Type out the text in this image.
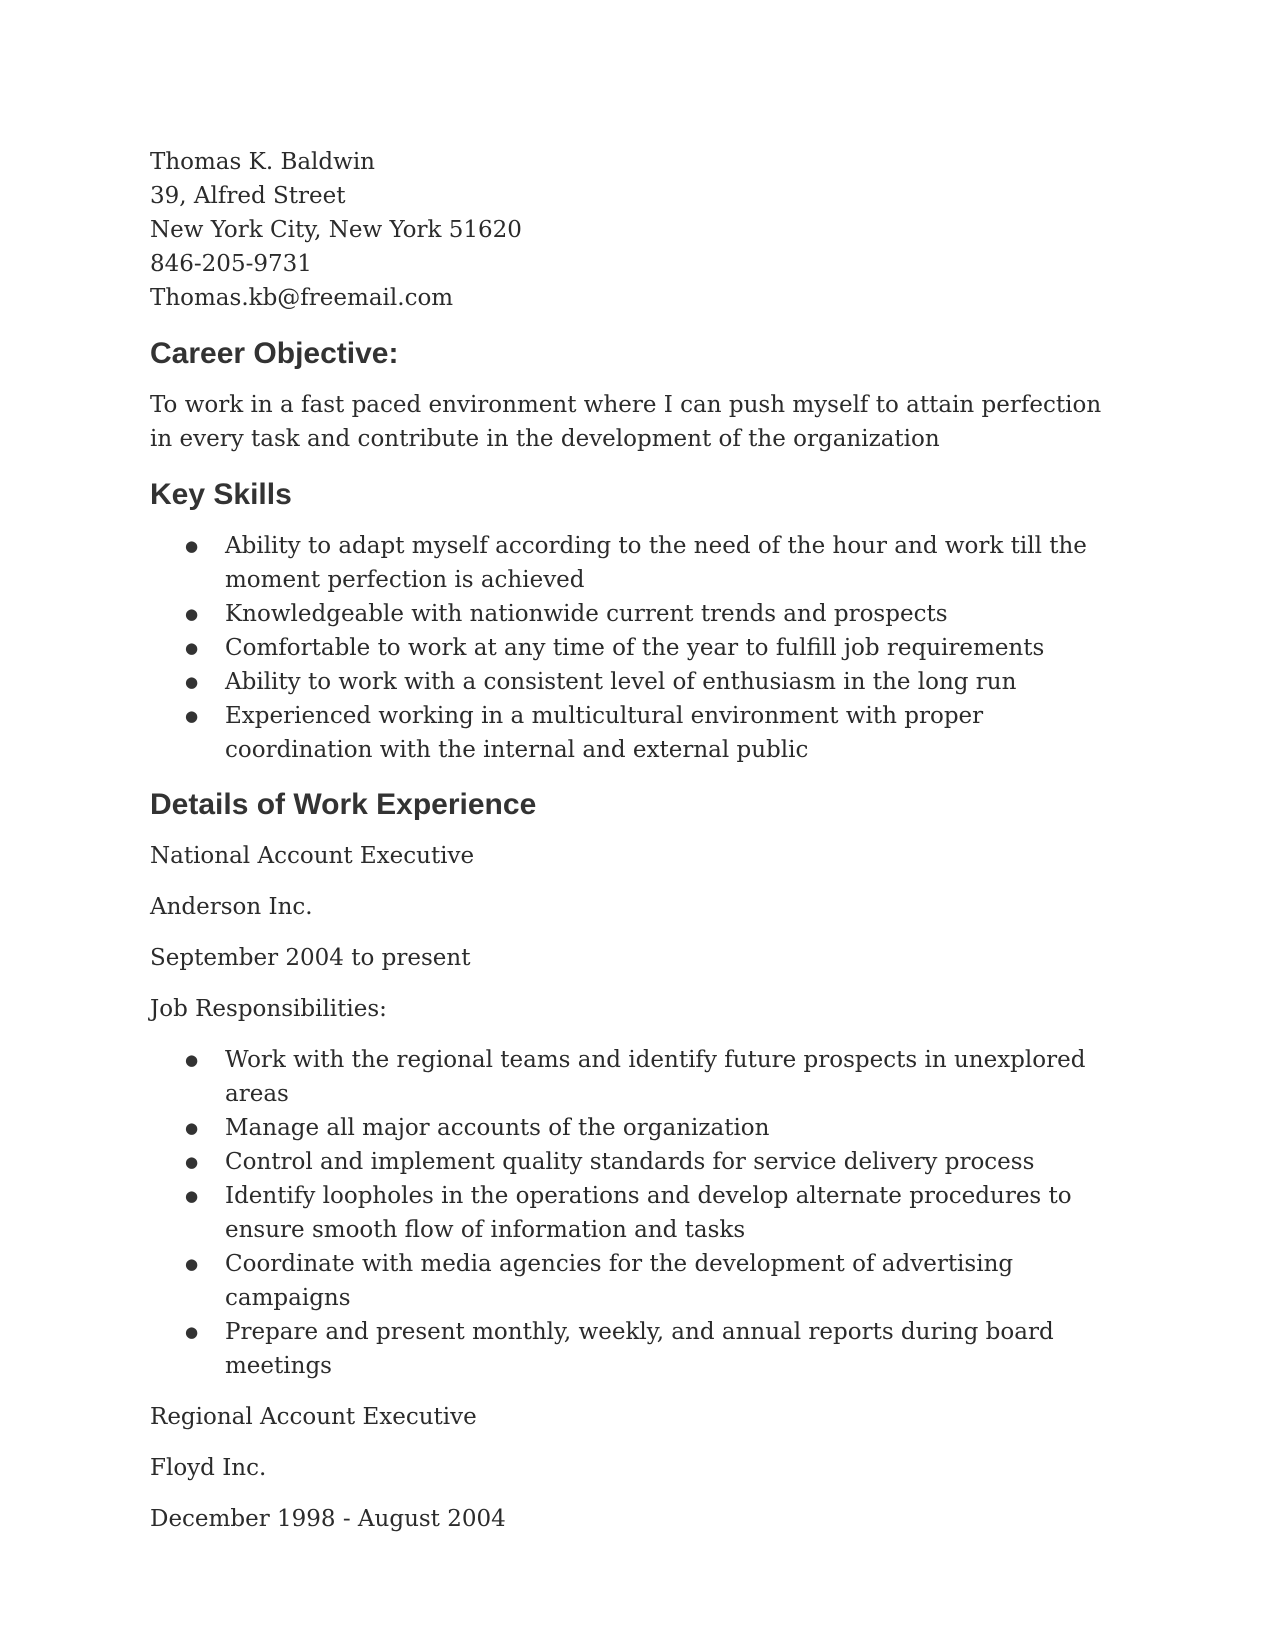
Thomas K. Baldwin
39, Alfred Street
New York City, New York 51620
846-205-9731
Thomas.kb@freemail.com
Career Objective:

To work in a fast paced environment where I can push myself to attain perfection in every task and contribute in the development of the organization

Key Skills
● Ability to adapt myself according to the need of the hour and work till the moment perfection is achieved
● Knowledgeable with nationwide current trends and prospects
● Comfortable to work at any time of the year to fulfill job requirements
● Ability to work with a consistent level of enthusiasm in the long run
● Experienced working in a multicultural environment with proper coordination with the internal and external public
Details of Work Experience

National Account Executive

Anderson Inc.

September 2004 to present

Job Responsibilities:

● Work with the regional teams and identify future prospects in unexplored areas
● Manage all major accounts of the organization
● Control and implement quality standards for service delivery process
● Identify loopholes in the operations and develop alternate procedures to ensure smooth flow of information and tasks
● Coordinate with media agencies for the development of advertising campaigns
● Prepare and present monthly, weekly, and annual reports during board meetings

Regional Account Executive

Floyd Inc.

December 1998 - August 2004
